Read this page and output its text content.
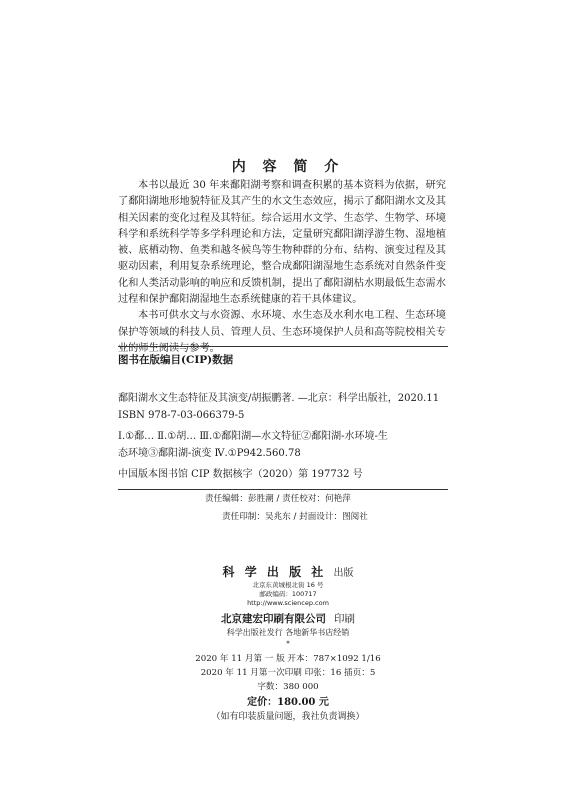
内 容 简 介

本书以最近 30 年来鄱阳湖考察和调查积累的基本资料为依据，研究了鄱阳湖地形地貌特征及其产生的水文生态效应，揭示了鄱阳湖水文及其相关因素的变化过程及其特征。综合运用水文学、生态学、生物学、环境科学和系统科学等多学科理论和方法，定量研究鄱阳湖浮游生物、湿地植被、底栖动物、鱼类和越冬候鸟等生物种群的分布、结构、演变过程及其驱动因素，利用复杂系统理论，整合成鄱阳湖湿地生态系统对自然条件变化和人类活动影响的响应和反馈机制，提出了鄱阳湖枯水期最低生态需水过程和保护鄱阳湖湿地生态系统健康的若干具体建议。

本书可供水文与水资源、水环境、水生态及水利水电工程、生态环境保护等领域的科技人员、管理人员、生态环境保护人员和高等院校相关专业的师生阅读与参考。

图书在版编目(CIP)数据
鄱阳湖水文生态特征及其演变/胡振鹏著. —北京：科学出版社，2020.11
ISBN 978-7-03-066379-5
Ⅰ.①鄱… Ⅱ.①胡… Ⅲ.①鄱阳湖—水文特征②鄱阳湖-水环境-生
态环境③鄱阳湖-演变 Ⅳ.①P942.560.78
中国版本图书馆 CIP 数据核字（2020）第 197732 号
责任编辑：彭胜潮 / 责任校对：何艳萍
责任印制：吴兆东 / 封面设计：图阅社
科 学 出 版 社 出版
北京东黄城根北街 16 号
邮政编码：100717
http://www.sciencep.com
北京建宏印刷有限公司 印刷
科学出版社发行 各地新华书店经销
*
2020 年 11 月第 一 版 开本：787×1092 1/16
2020 年 11 月第一次印刷 印张：16 插页：5
字数：380 000
定价：180.00 元
（如有印装质量问题，我社负责调换）
